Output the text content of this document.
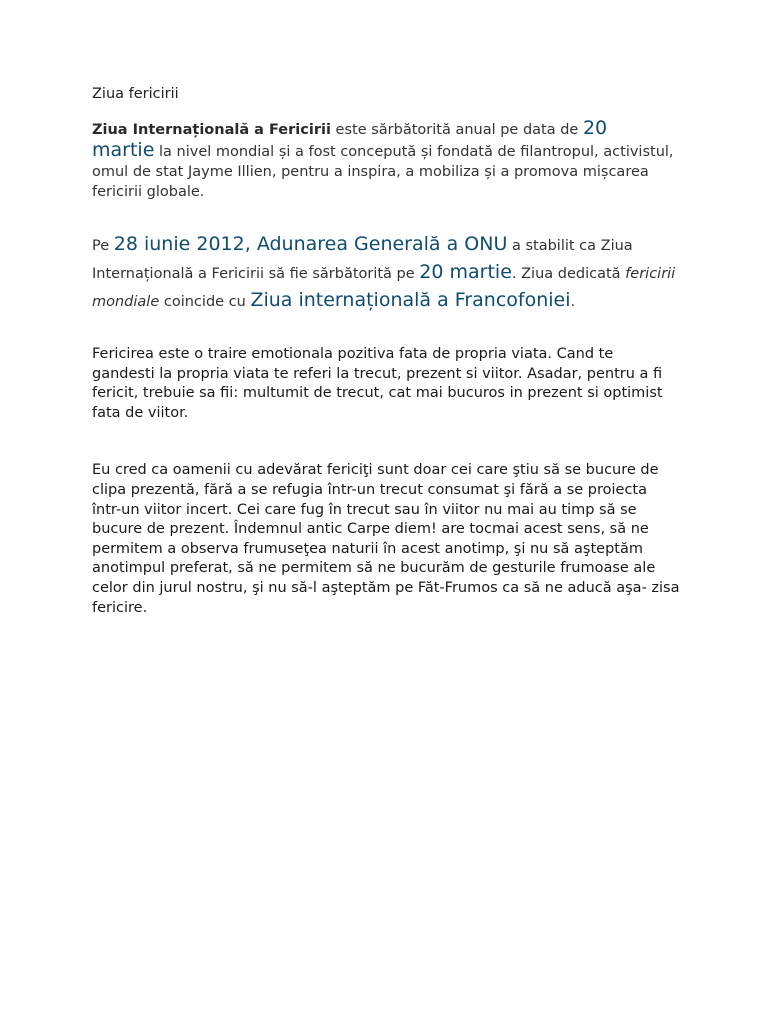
Ziua fericirii

Ziua Internațională a Fericirii este sărbătorită anual pe data de 20
martie la nivel mondial și a fost concepută și fondată de filantropul, activistul, omul de stat Jayme Illien, pentru a inspira, a mobiliza și a promova mișcarea fericirii globale.

Pe 28 iunie 2012, Adunarea Generală a ONU a stabilit ca Ziua Internațională a Fericirii să fie sărbătorită pe 20 martie. Ziua dedicată fericirii mondiale coincide cu Ziua internațională a Francofoniei.

Fericirea este o traire emotionala pozitiva fata de propria viata. Cand te gandesti la propria viata te referi la trecut, prezent si viitor. Asadar, pentru a fi fericit, trebuie sa fii: multumit de trecut, cat mai bucuros in prezent si optimist fata de viitor.

Eu cred ca oamenii cu adevărat fericiţi sunt doar cei care ştiu să se bucure de clipa prezentă, fără a se refugia într-un trecut consumat şi fără a se proiecta într-un viitor incert. Cei care fug în trecut sau în viitor nu mai au timp să se bucure de prezent. Îndemnul antic Carpe diem! are tocmai acest sens, să ne permitem a observa frumuseţea naturii în acest anotimp, şi nu să aşteptăm anotimpul preferat, să ne permitem să ne bucurăm de gesturile frumoase ale celor din jurul nostru, şi nu să-l aşteptăm pe Făt-Frumos ca să ne aducă aşa- zisa fericire.
